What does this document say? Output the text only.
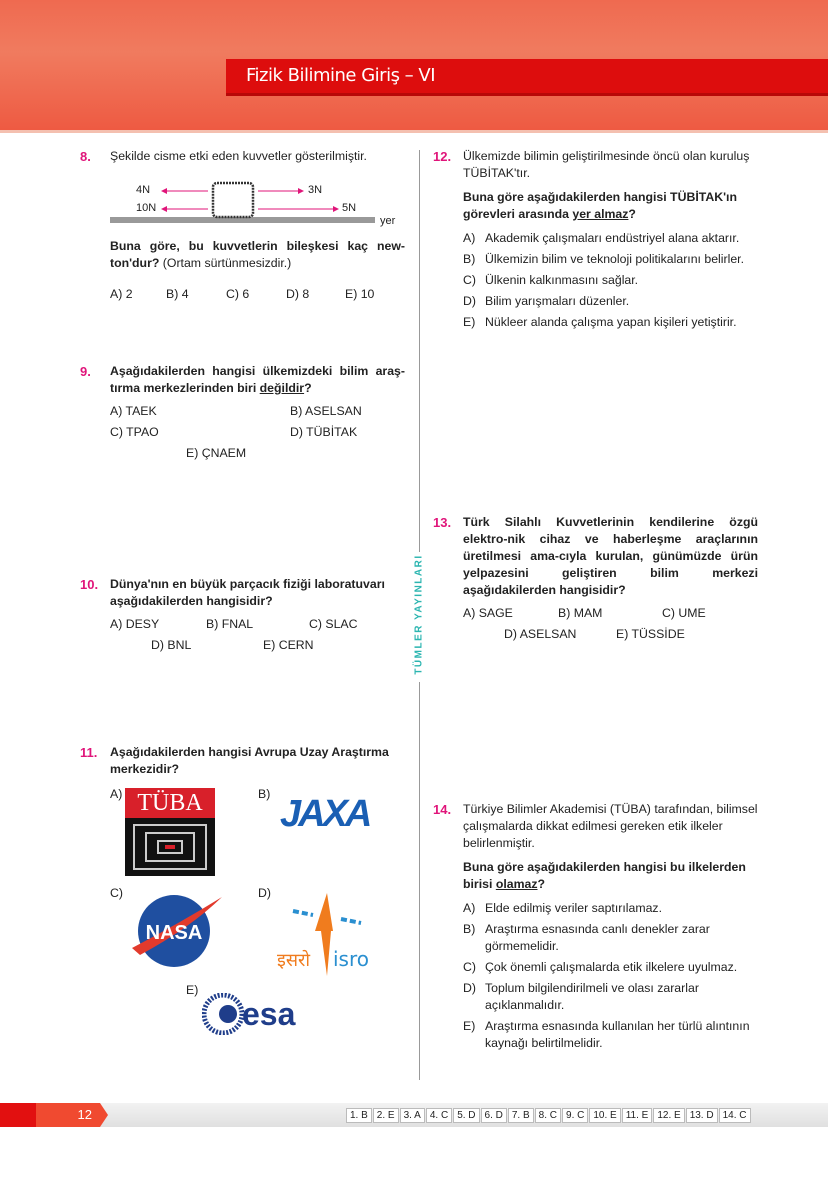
Fizik Bilimine Giriş – VI
TÜMLER YAYINLARI
8. Şekilde cisme etki eden kuvvetler gösterilmiştir.
4N
10N
3N
5N
yer
Buna göre, bu kuvvetlerin bileşkesi kaç new-ton'dur? (Ortam sürtünmesizdir.)
A) 2	B) 4	C) 6	D) 8	E) 10
9. Aşağıdakilerden hangisi ülkemizdeki bilim araş-tırma merkezlerinden biri değildir?
A) TAEK	B) ASELSAN
C) TPAO	D) TÜBİTAK
E) ÇNAEM
10. Dünya'nın en büyük parçacık fiziği laboratuvarı aşağıdakilerden hangisidir?
A) DESY	B) FNAL	C) SLAC
D) BNL	E) CERN
11. Aşağıdakilerden hangisi Avrupa Uzay Araştırma merkezidir?
A)	B)
C)	D)
E)
TÜBA	JAXA
NASA
इसरो isro
esa
12. Ülkemizde bilimin geliştirilmesinde öncü olan kuruluş TÜBİTAK'tır.
Buna göre aşağıdakilerden hangisi TÜBİTAK'ın görevleri arasında yer almaz?
A) Akademik çalışmaları endüstriyel alana aktarır.
B) Ülkemizin bilim ve teknoloji politikalarını belirler.
C) Ülkenin kalkınmasını sağlar.
D) Bilim yarışmaları düzenler.
E) Nükleer alanda çalışma yapan kişileri yetiştirir.
13. Türk Silahlı Kuvvetlerinin kendilerine özgü elektro-nik cihaz ve haberleşme araçlarının üretilmesi ama-cıyla kurulan, günümüzde ürün yelpazesini geliştiren bilim merkezi aşağıdakilerden hangisidir?
A) SAGE	B) MAM	C) UME
D) ASELSAN	E) TÜSSİDE
14. Türkiye Bilimler Akademisi (TÜBA) tarafından, bilimsel çalışmalarda dikkat edilmesi gereken etik ilkeler belirlenmiştir.
Buna göre aşağıdakilerden hangisi bu ilkelerden birisi olamaz?
A) Elde edilmiş veriler saptırılamaz.
B) Araştırma esnasında canlı denekler zarar görmemelidir.
C) Çok önemli çalışmalarda etik ilkelere uyulmaz.
D) Toplum bilgilendirilmeli ve olası zararlar açıklanmalıdır.
E) Araştırma esnasında kullanılan her türlü alıntının kaynağı belirtilmelidir.
12	1. B 2. E 3. A 4. C 5. D 6. D 7. B 8. C 9. C 10. E 11. E 12. E 13. D 14. C
